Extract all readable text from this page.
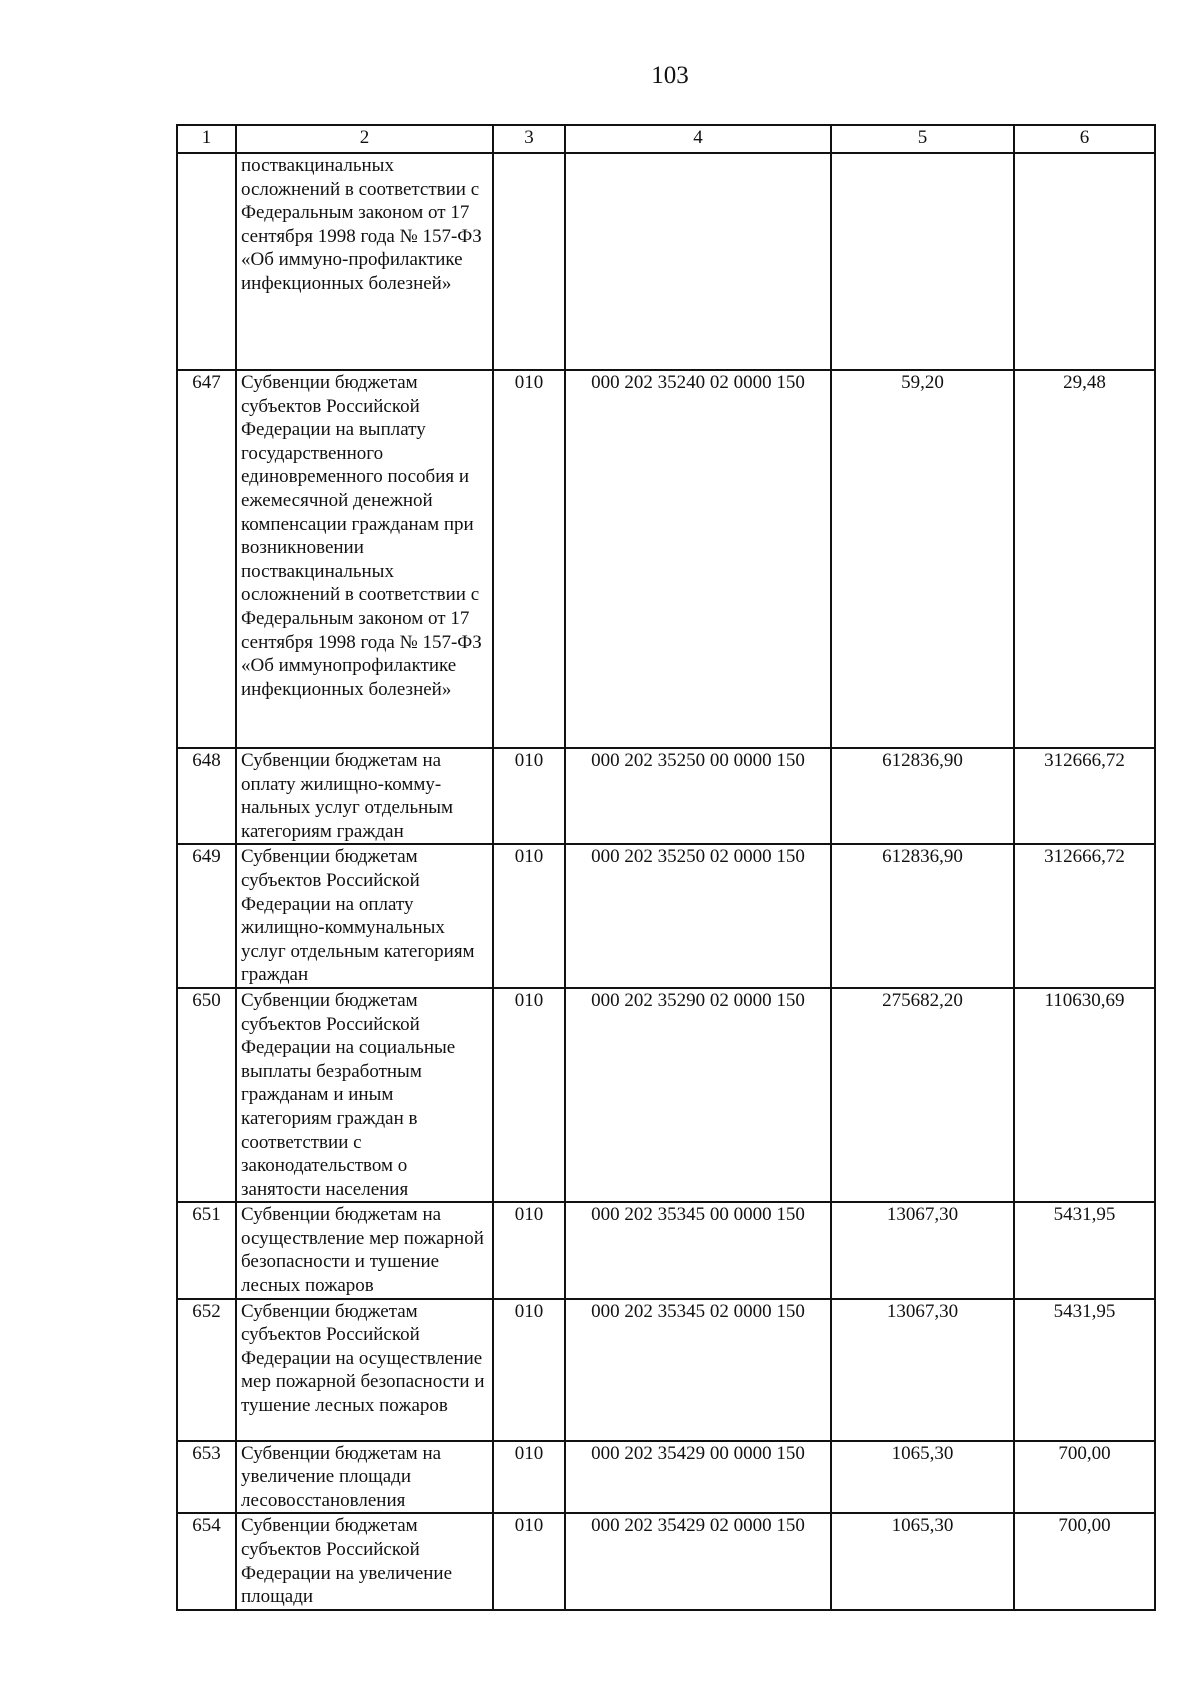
103
1	2	3	4	5	6
	поствакцинальных осложнений в соответствии с Федеральным законом от 17 сентября 1998 года № 157-ФЗ «Об иммуно-профилактике инфекционных болезней»				
647	Субвенции бюджетам субъектов Российской Федерации на выплату государственного единовременного пособия и ежемесячной денежной компенсации гражданам при возникновении поствакцинальных осложнений в соответствии с Федеральным законом от 17 сентября 1998 года № 157-ФЗ «Об иммунопрофилактике инфекционных болезней»	010	000 202 35240 02 0000 150	59,20	29,48
648	Субвенции бюджетам на оплату жилищно-комму-нальных услуг отдельным категориям граждан	010	000 202 35250 00 0000 150	612836,90	312666,72
649	Субвенции бюджетам субъектов Российской Федерации на оплату жилищно-коммунальных услуг отдельным категориям граждан	010	000 202 35250 02 0000 150	612836,90	312666,72
650	Субвенции бюджетам субъектов Российской Федерации на социальные выплаты безработным гражданам и иным категориям граждан в соответствии с законодательством о занятости населения	010	000 202 35290 02 0000 150	275682,20	110630,69
651	Субвенции бюджетам на осуществление мер пожарной безопасности и тушение лесных пожаров	010	000 202 35345 00 0000 150	13067,30	5431,95
652	Субвенции бюджетам субъектов Российской Федерации на осуществление мер пожарной безопасности и тушение лесных пожаров	010	000 202 35345 02 0000 150	13067,30	5431,95
653	Субвенции бюджетам на увеличение площади лесовосстановления	010	000 202 35429 00 0000 150	1065,30	700,00
654	Субвенции бюджетам субъектов Российской Федерации на увеличение площади	010	000 202 35429 02 0000 150	1065,30	700,00
